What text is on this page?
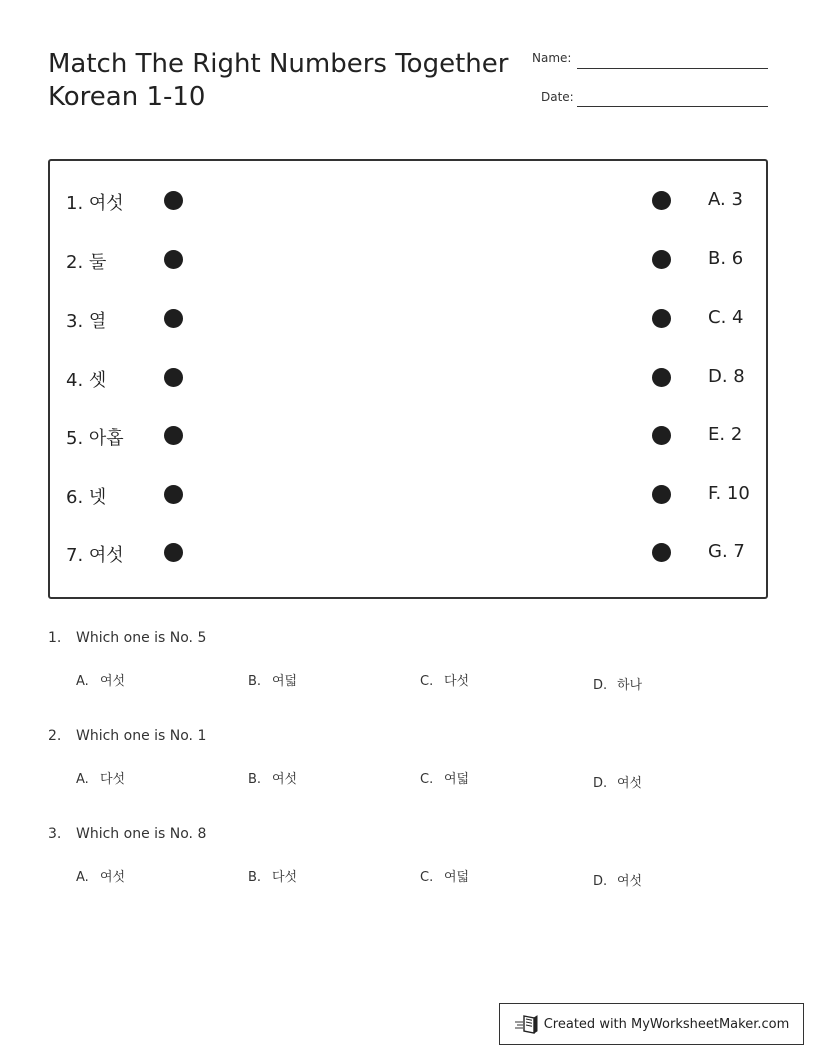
Match The Right Numbers Together
Korean 1-10
Name:
Date:
1. 여섯	A. 3
2. 둘	B. 6
3. 열	C. 4
4. 셋	D. 8
5. 아홉	E. 2
6. 넷	F. 10
7. 여섯	G. 7
1. Which one is No. 5
A. 여섯	B. 여덟	C. 다섯	D. 하나
2. Which one is No. 1
A. 다섯	B. 여섯	C. 여덟	D. 여섯
3. Which one is No. 8
A. 여섯	B. 다섯	C. 여덟	D. 여섯
Created with MyWorksheetMaker.com
